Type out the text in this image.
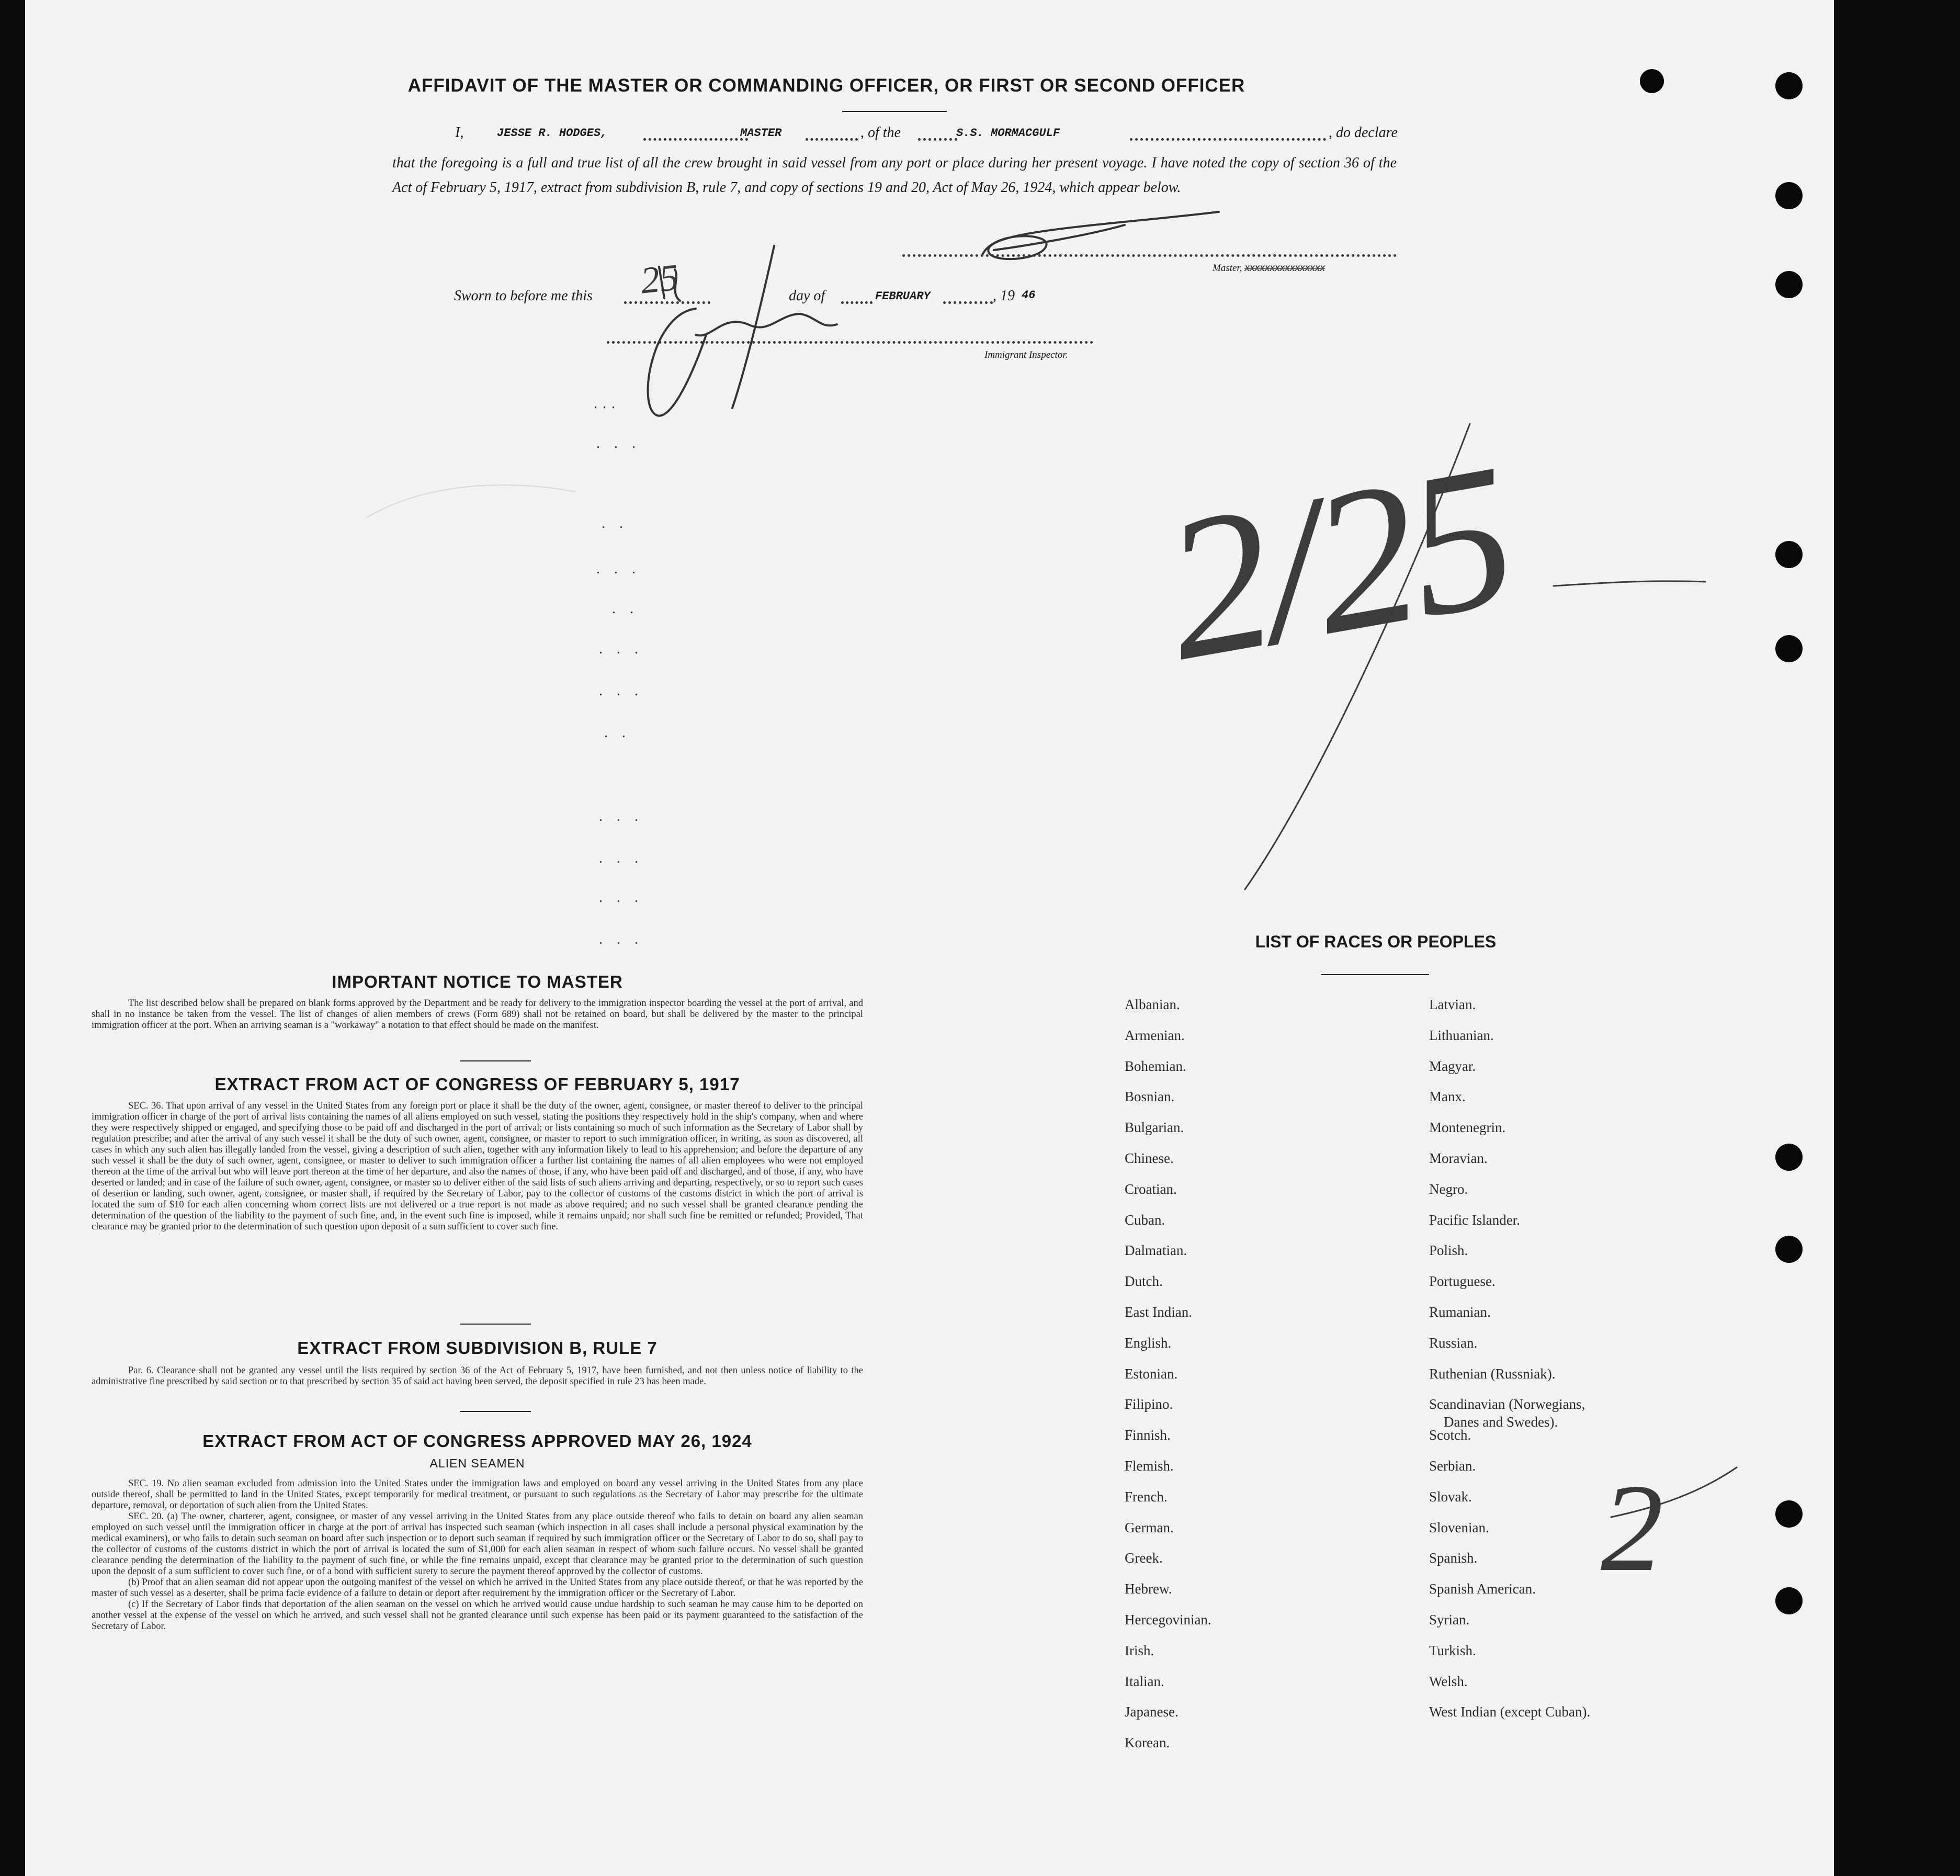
AFFIDAVIT OF THE MASTER OR COMMANDING OFFICER, OR FIRST OR SECOND OFFICER
I,	JESSE R. HODGES,	MASTER	, of the	S.S. MORMACGULF	, do declare
that the foregoing is a full and true list of all the crew brought in said vessel from any port or place during her present voyage. I have noted the copy of section 36 of the Act of February 5, 1917, extract from subdivision B, rule 7, and copy of sections 19 and 20, Act of May 26, 1924, which appear below.
Master, XXXXXXXXXXXXXXXX
Sworn to before me this	day of	FEBRUARY	, 19 46
Immigrant Inspector.
25
2/25
...
. . .
. .
. . .
. .
. . .
. . .
. .
. . .
. . .
. . .
. . .
IMPORTANT NOTICE TO MASTER
The list described below shall be prepared on blank forms approved by the Department and be ready for delivery to the immigration inspector boarding the vessel at the port of arrival, and shall in no instance be taken from the vessel. The list of changes of alien members of crews (Form 689) shall not be retained on board, but shall be delivered by the master to the principal immigration officer at the port. When an arriving seaman is a "workaway" a notation to that effect should be made on the manifest.
EXTRACT FROM ACT OF CONGRESS OF FEBRUARY 5, 1917
SEC. 36. That upon arrival of any vessel in the United States from any foreign port or place it shall be the duty of the owner, agent, consignee, or master thereof to deliver to the principal immigration officer in charge of the port of arrival lists containing the names of all aliens employed on such vessel, stating the positions they respectively hold in the ship's company, when and where they were respectively shipped or engaged, and specifying those to be paid off and discharged in the port of arrival; or lists containing so much of such information as the Secretary of Labor shall by regulation prescribe; and after the arrival of any such vessel it shall be the duty of such owner, agent, consignee, or master to report to such immigration officer, in writing, as soon as discovered, all cases in which any such alien has illegally landed from the vessel, giving a description of such alien, together with any information likely to lead to his apprehension; and before the departure of any such vessel it shall be the duty of such owner, agent, consignee, or master to deliver to such immigration officer a further list containing the names of all alien employees who were not employed thereon at the time of the arrival but who will leave port thereon at the time of her departure, and also the names of those, if any, who have been paid off and discharged, and of those, if any, who have deserted or landed; and in case of the failure of such owner, agent, consignee, or master so to deliver either of the said lists of such aliens arriving and departing, respectively, or so to report such cases of desertion or landing, such owner, agent, consignee, or master shall, if required by the Secretary of Labor, pay to the collector of customs of the customs district in which the port of arrival is located the sum of $10 for each alien concerning whom correct lists are not delivered or a true report is not made as above required; and no such vessel shall be granted clearance pending the determination of the question of the liability to the payment of such fine, and, in the event such fine is imposed, while it remains unpaid; nor shall such fine be remitted or refunded; Provided, That clearance may be granted prior to the determination of such question upon deposit of a sum sufficient to cover such fine.
EXTRACT FROM SUBDIVISION B, RULE 7
Par. 6. Clearance shall not be granted any vessel until the lists required by section 36 of the Act of February 5, 1917, have been furnished, and not then unless notice of liability to the administrative fine prescribed by said section or to that prescribed by section 35 of said act having been served, the deposit specified in rule 23 has been made.
EXTRACT FROM ACT OF CONGRESS APPROVED MAY 26, 1924
ALIEN SEAMEN
SEC. 19. No alien seaman excluded from admission into the United States under the immigration laws and employed on board any vessel arriving in the United States from any place outside thereof, shall be permitted to land in the United States, except temporarily for medical treatment, or pursuant to such regulations as the Secretary of Labor may prescribe for the ultimate departure, removal, or deportation of such alien from the United States.
SEC. 20. (a) The owner, charterer, agent, consignee, or master of any vessel arriving in the United States from any place outside thereof who fails to detain on board any alien seaman employed on such vessel until the immigration officer in charge at the port of arrival has inspected such seaman (which inspection in all cases shall include a personal physical examination by the medical examiners), or who fails to detain such seaman on board after such inspection or to deport such seaman if required by such immigration officer or the Secretary of Labor to do so, shall pay to the collector of customs of the customs district in which the port of arrival is located the sum of $1,000 for each alien seaman in respect of whom such failure occurs. No vessel shall be granted clearance pending the determination of the liability to the payment of such fine, or while the fine remains unpaid, except that clearance may be granted prior to the determination of such question upon the deposit of a sum sufficient to cover such fine, or of a bond with sufficient surety to secure the payment thereof approved by the collector of customs.
(b) Proof that an alien seaman did not appear upon the outgoing manifest of the vessel on which he arrived in the United States from any place outside thereof, or that he was reported by the master of such vessel as a deserter, shall be prima facie evidence of a failure to detain or deport after requirement by the immigration officer or the Secretary of Labor.
(c) If the Secretary of Labor finds that deportation of the alien seaman on the vessel on which he arrived would cause undue hardship to such seaman he may cause him to be deported on another vessel at the expense of the vessel on which he arrived, and such vessel shall not be granted clearance until such expense has been paid or its payment guaranteed to the satisfaction of the Secretary of Labor.
LIST OF RACES OR PEOPLES
Albanian.
Armenian.
Bohemian.
Bosnian.
Bulgarian.
Chinese.
Croatian.
Cuban.
Dalmatian.
Dutch.
East Indian.
English.
Estonian.
Filipino.
Finnish.
Flemish.
French.
German.
Greek.
Hebrew.
Hercegovinian.
Irish.
Italian.
Japanese.
Korean.
Latvian.
Lithuanian.
Magyar.
Manx.
Montenegrin.
Moravian.
Negro.
Pacific Islander.
Polish.
Portuguese.
Rumanian.
Russian.
Ruthenian (Russniak).
Scandinavian (Norwegians,
Danes and Swedes).
Scotch.
Serbian.
Slovak.
Slovenian.
Spanish.
Spanish American.
Syrian.
Turkish.
Welsh.
West Indian (except Cuban).
2
